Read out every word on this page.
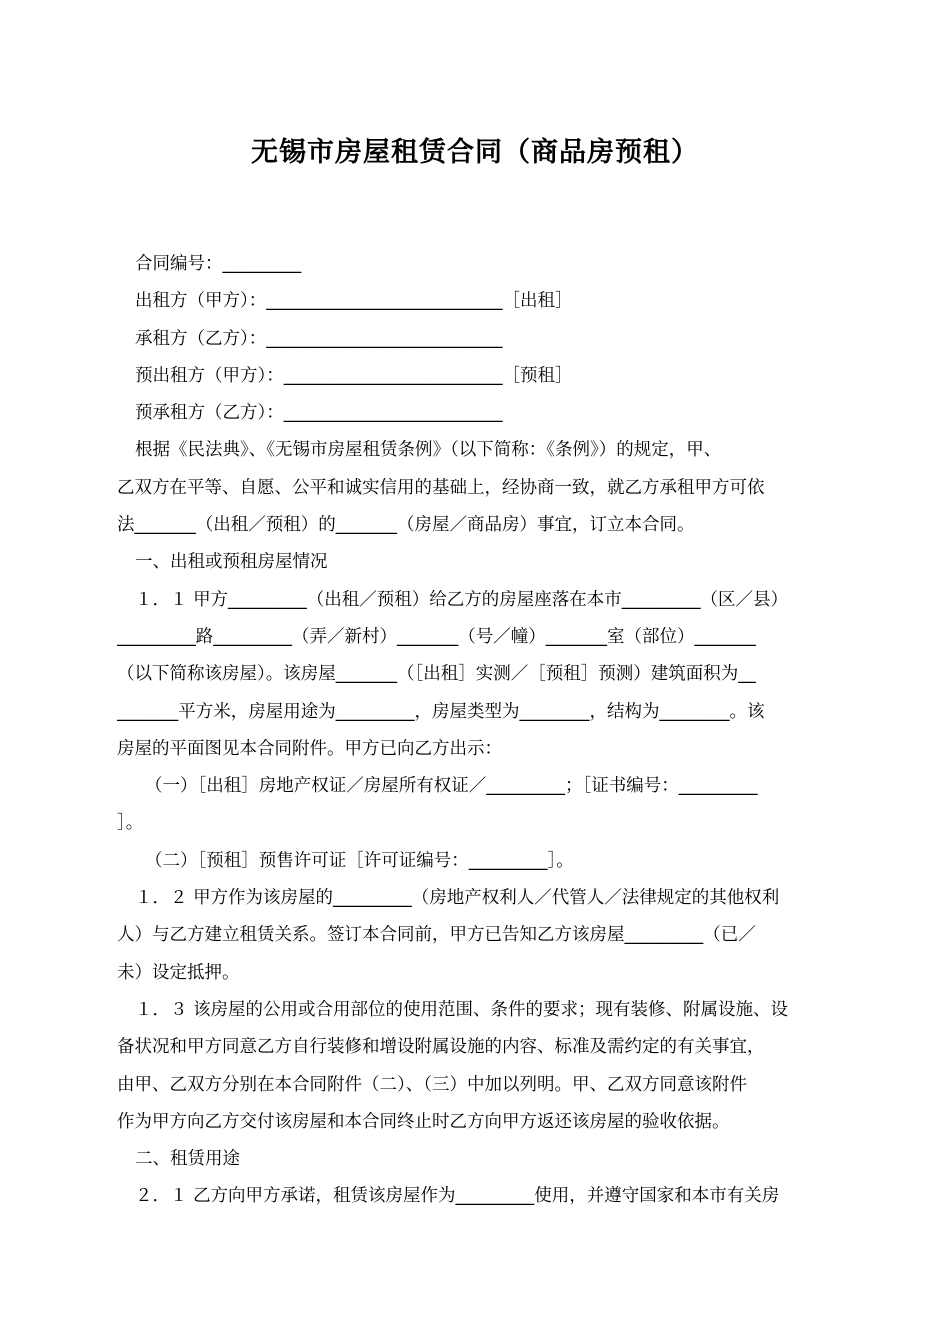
无锡市房屋租赁合同（商品房预租）
合同编号：_________
出租方（甲方）：___________________________［出租］
承租方（乙方）：___________________________
预出租方（甲方）：_________________________［预租］
预承租方（乙方）：_________________________
根据《民法典》、《无锡市房屋租赁条例》（以下简称：《条例》）的规定，甲、
乙双方在平等、自愿、公平和诚实信用的基础上，经协商一致，就乙方承租甲方可依
法_______（出租／预租）的_______（房屋／商品房）事宜，订立本合同。
一、出租或预租房屋情况
１．１ 甲方_________（出租／预租）给乙方的房屋座落在本市_________（区／县）
_________路_________（弄／新村）_______（号／幢）_______室（部位）_______
（以下简称该房屋）。该房屋_______（［出租］实测／［预租］预测）建筑面积为__
_______平方米，房屋用途为_________，房屋类型为________，结构为________。该
房屋的平面图见本合同附件。甲方已向乙方出示：
（一）［出租］房地产权证／房屋所有权证／_________；［证书编号：_________
］。
（二）［预租］预售许可证［许可证编号：_________］。
１．２ 甲方作为该房屋的_________（房地产权利人／代管人／法律规定的其他权利
人）与乙方建立租赁关系。签订本合同前，甲方已告知乙方该房屋_________（已／
未）设定抵押。
１．３ 该房屋的公用或合用部位的使用范围、条件的要求；现有装修、附属设施、设
备状况和甲方同意乙方自行装修和增设附属设施的内容、标准及需约定的有关事宜，
由甲、乙双方分别在本合同附件（二）、（三）中加以列明。甲、乙双方同意该附件
作为甲方向乙方交付该房屋和本合同终止时乙方向甲方返还该房屋的验收依据。
二、租赁用途
２．１ 乙方向甲方承诺，租赁该房屋作为_________使用，并遵守国家和本市有关房
